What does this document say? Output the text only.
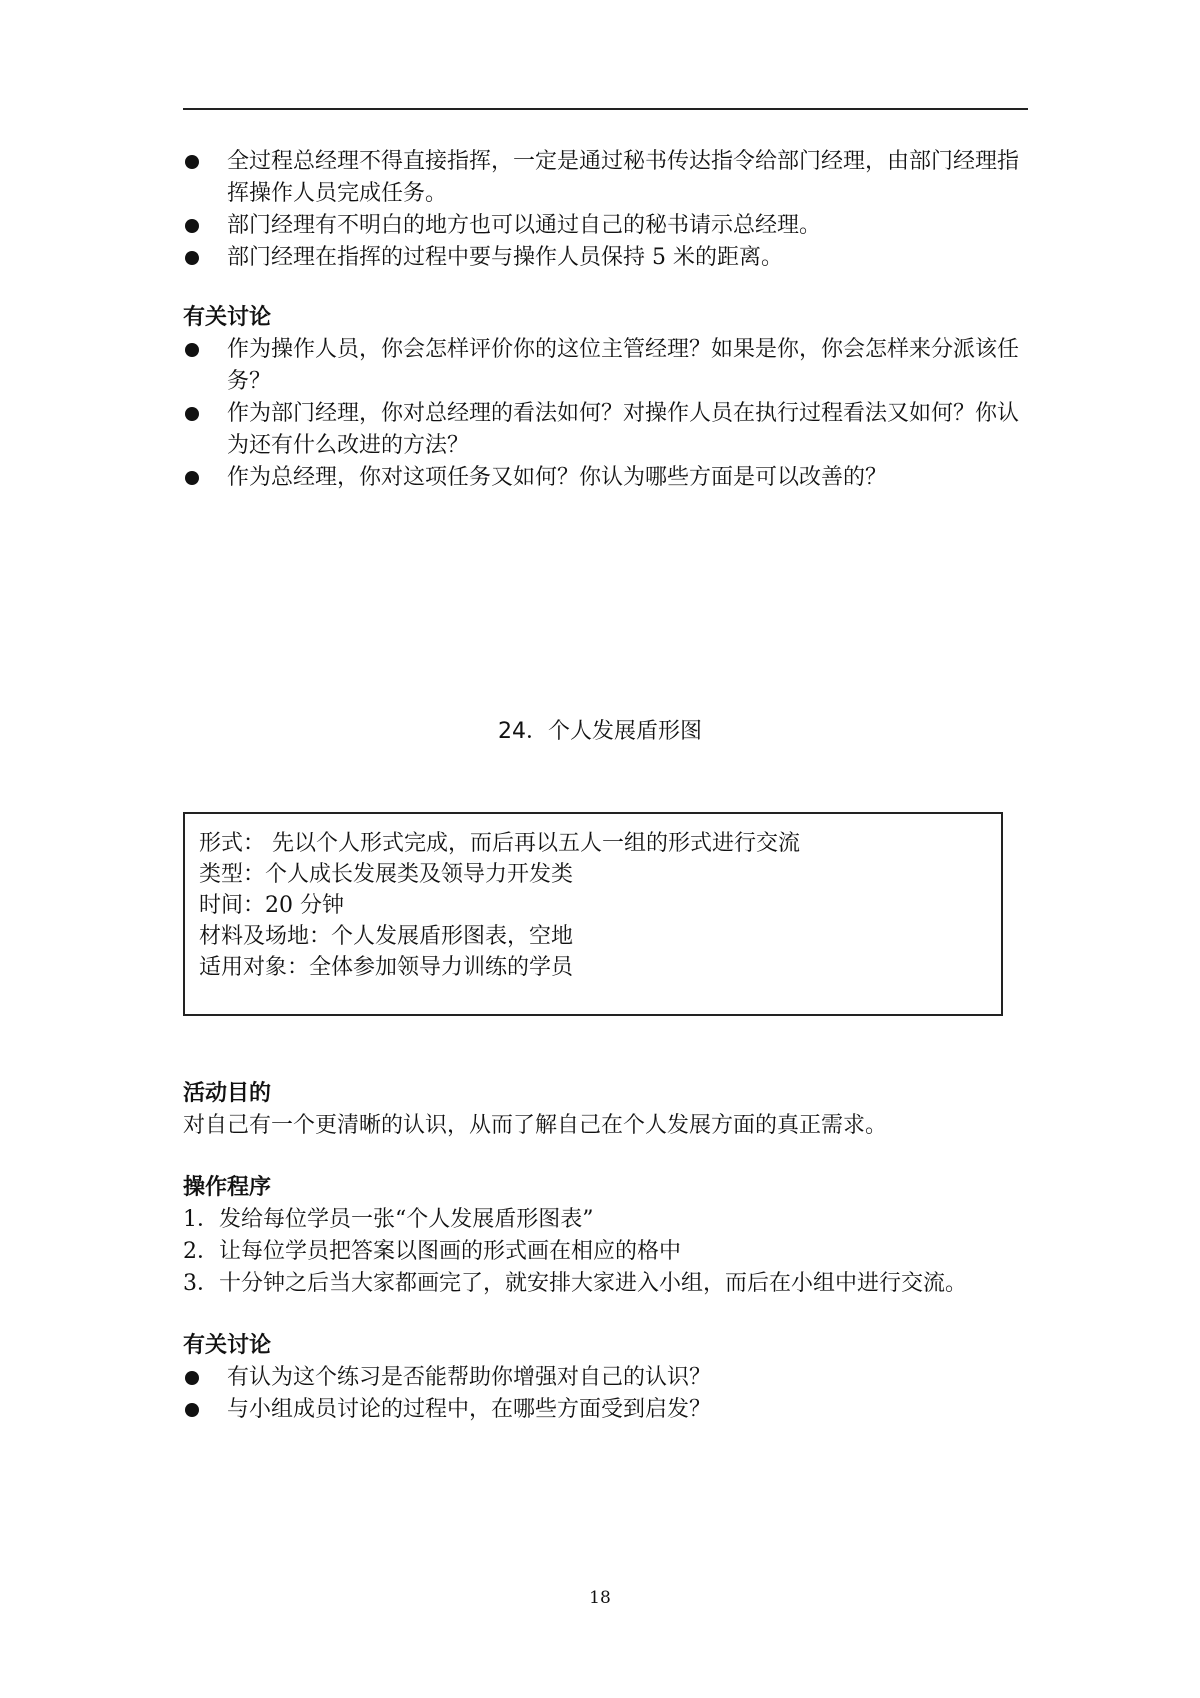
全过程总经理不得直接指挥，一定是通过秘书传达指令给部门经理，由部门经理指挥操作人员完成任务。
部门经理有不明白的地方也可以通过自己的秘书请示总经理。
部门经理在指挥的过程中要与操作人员保持 5 米的距离。
有关讨论
作为操作人员，你会怎样评价你的这位主管经理？如果是你，你会怎样来分派该任务？
作为部门经理，你对总经理的看法如何？对操作人员在执行过程看法又如何？你认为还有什么改进的方法？
作为总经理，你对这项任务又如何？你认为哪些方面是可以改善的？
24．个人发展盾形图
形式： 先以个人形式完成，而后再以五人一组的形式进行交流
类型：个人成长发展类及领导力开发类
时间：20 分钟
材料及场地：个人发展盾形图表，空地
适用对象：全体参加领导力训练的学员
活动目的
对自己有一个更清晰的认识，从而了解自己在个人发展方面的真正需求。
操作程序
1．发给每位学员一张“个人发展盾形图表”
2．让每位学员把答案以图画的形式画在相应的格中
3．十分钟之后当大家都画完了，就安排大家进入小组，而后在小组中进行交流。
有关讨论
有认为这个练习是否能帮助你增强对自己的认识？
与小组成员讨论的过程中，在哪些方面受到启发？
18
